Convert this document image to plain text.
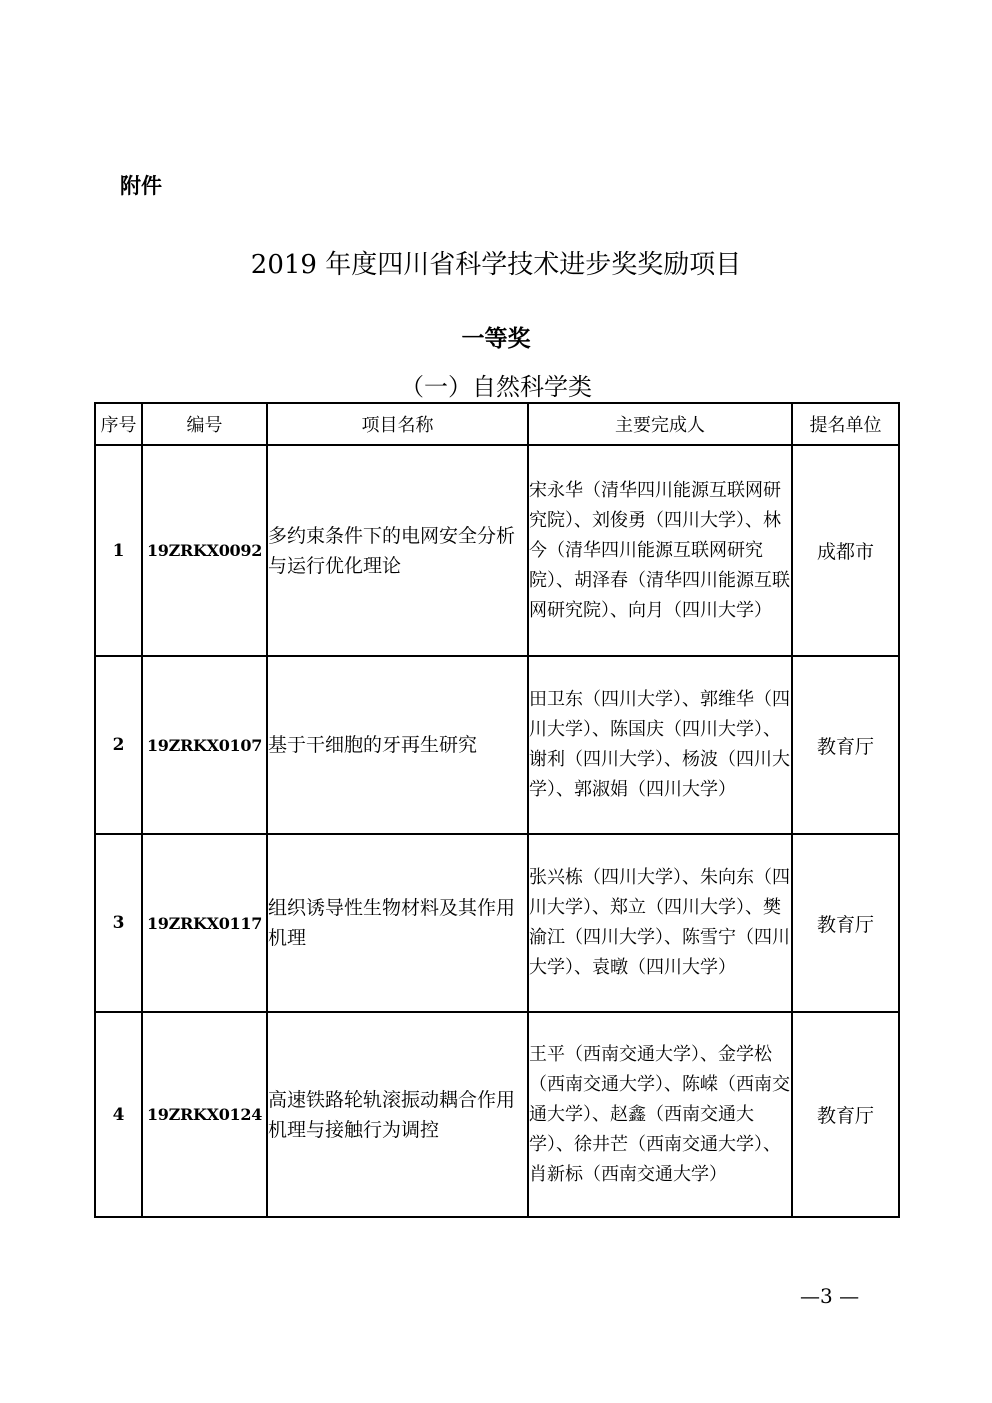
附件
2019 年度四川省科学技术进步奖奖励项目
一等奖
（一）自然科学类
序号	编号	项目名称	主要完成人	提名单位
1	19ZRKX0092	多约束条件下的电网安全分析与运行优化理论	宋永华（清华四川能源互联网研究院）、刘俊勇（四川大学）、林今（清华四川能源互联网研究院）、胡泽春（清华四川能源互联网研究院）、向月（四川大学）	成都市
2	19ZRKX0107	基于干细胞的牙再生研究	田卫东（四川大学）、郭维华（四川大学）、陈国庆（四川大学）、谢利（四川大学）、杨波（四川大学）、郭淑娟（四川大学）	教育厅
3	19ZRKX0117	组织诱导性生物材料及其作用机理	张兴栋（四川大学）、朱向东（四川大学）、郑立（四川大学）、樊渝江（四川大学）、陈雪宁（四川大学）、袁暾（四川大学）	教育厅
4	19ZRKX0124	高速铁路轮轨滚振动耦合作用机理与接触行为调控	王平（西南交通大学）、金学松（西南交通大学）、陈嵘（西南交通大学）、赵鑫（西南交通大学）、徐井芒（西南交通大学）、肖新标（西南交通大学）	教育厅
—3 —
